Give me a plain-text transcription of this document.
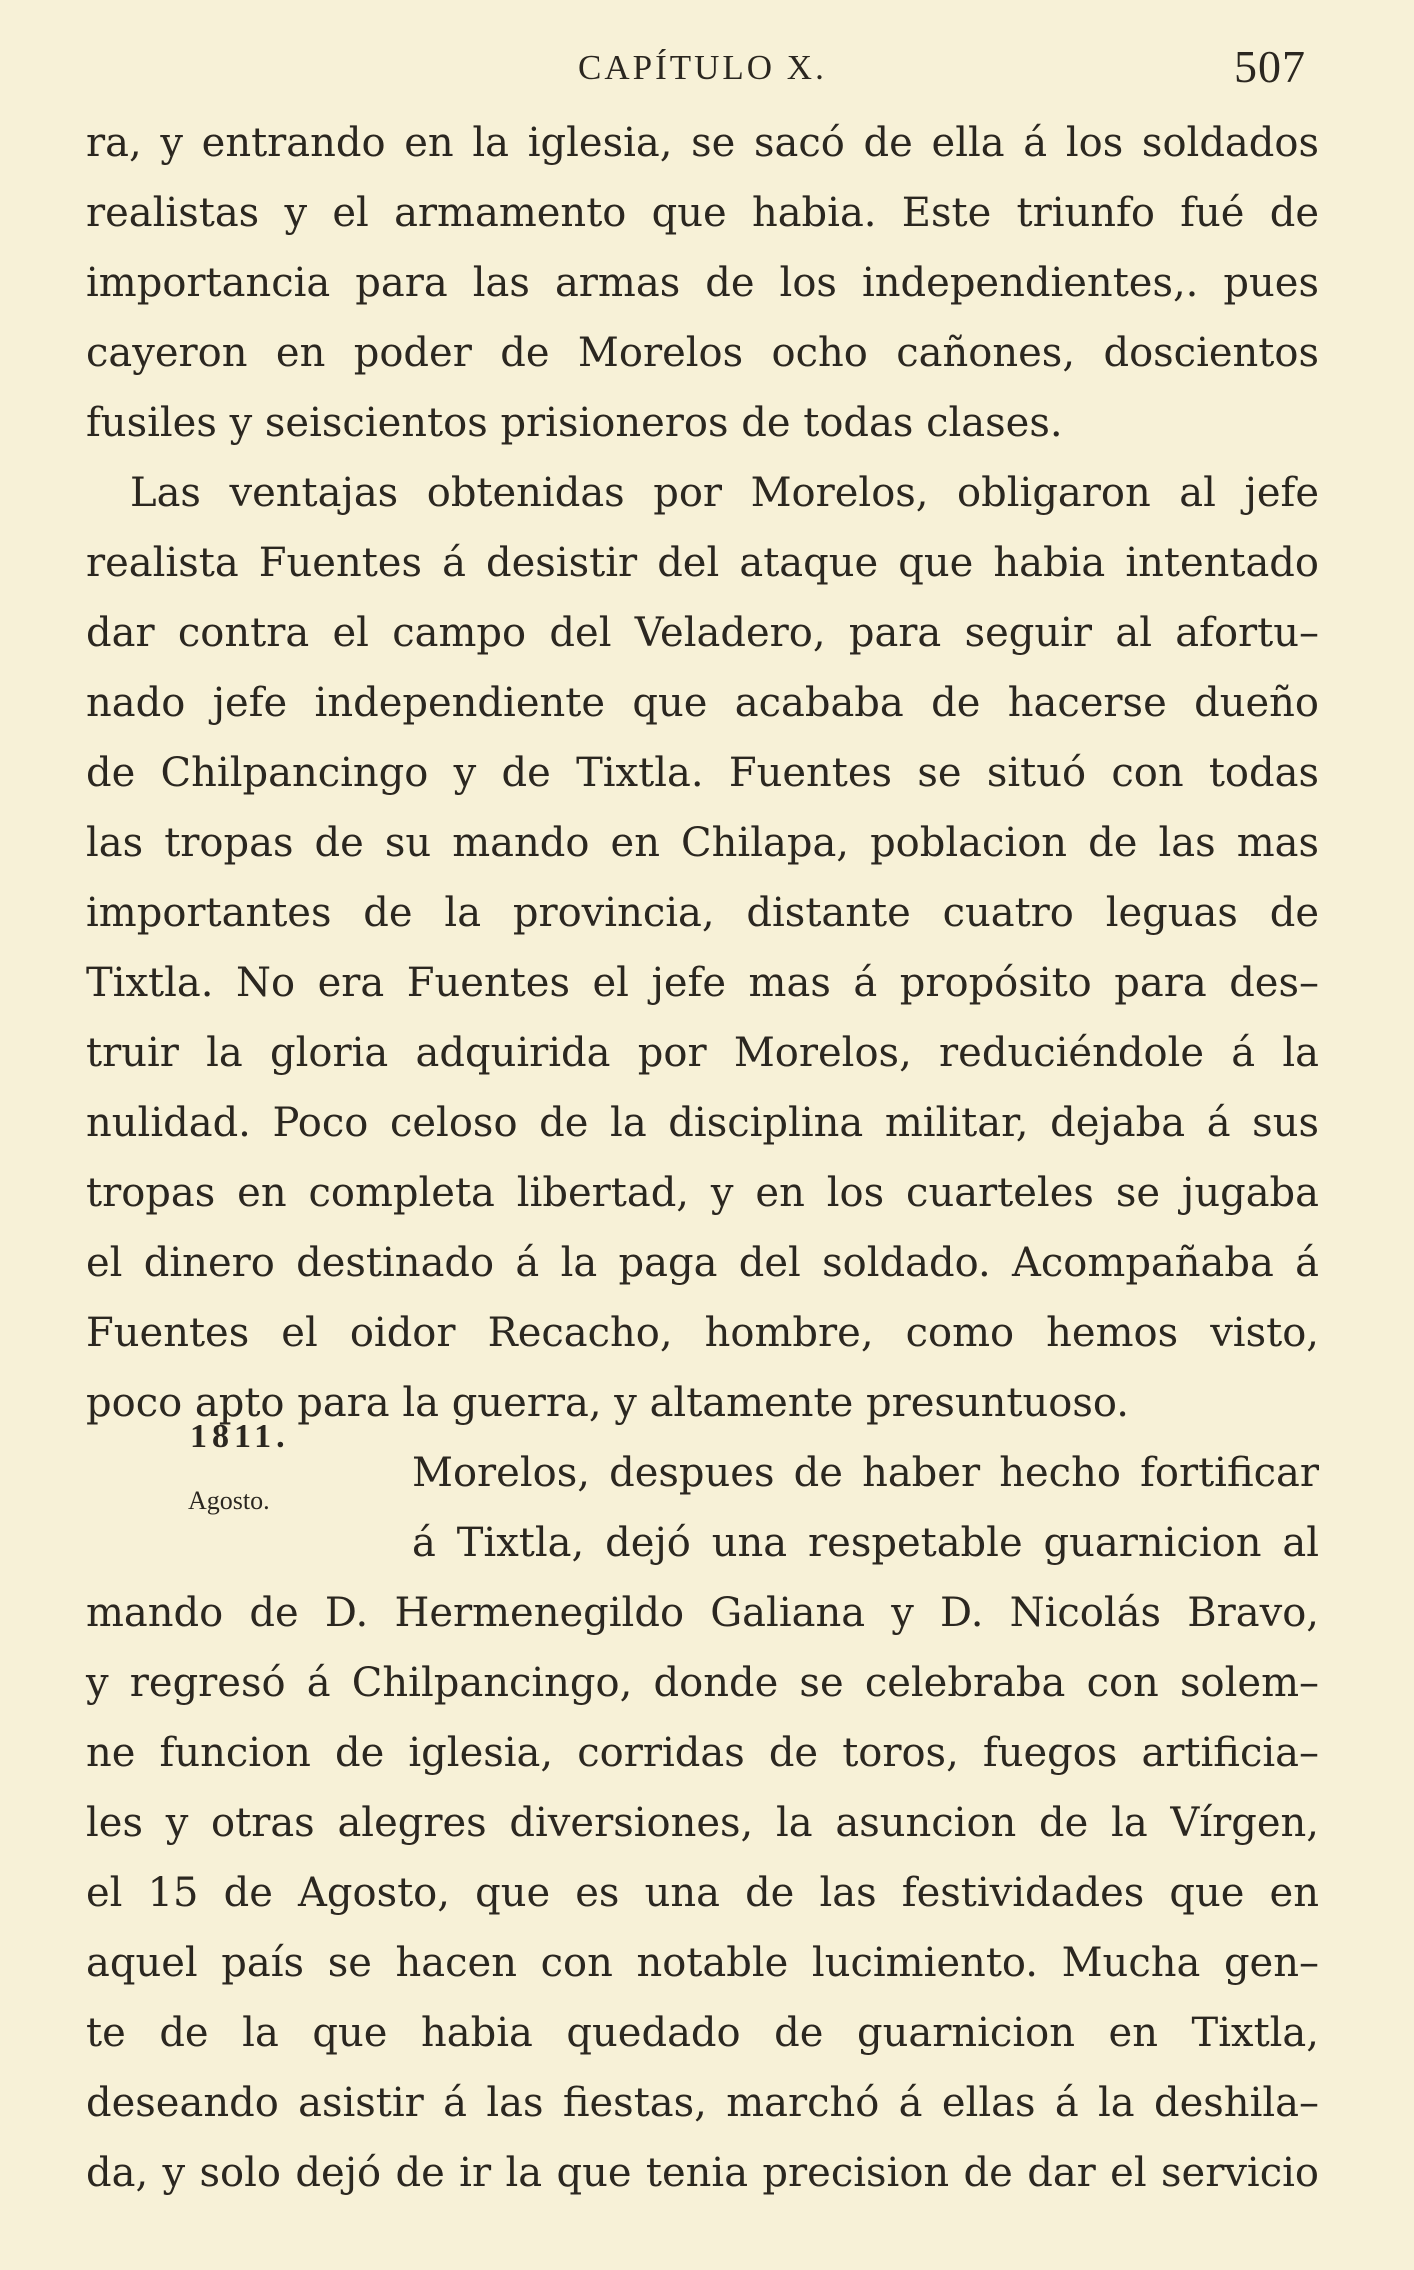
CAPÍTULO X.	507
1811.
Agosto.
ra, y entrando en la iglesia, se sacó de ella á los soldados
realistas y el armamento que habia. Este triunfo fué de
importancia para las armas de los independientes,. pues
cayeron en poder de Morelos ocho cañones, doscientos
fusiles y seiscientos prisioneros de todas clases.
Las ventajas obtenidas por Morelos, obligaron al jefe
realista Fuentes á desistir del ataque que habia intentado
dar contra el campo del Veladero, para seguir al afortu–
nado jefe independiente que acababa de hacerse dueño
de Chilpancingo y de Tixtla. Fuentes se situó con todas
las tropas de su mando en Chilapa, poblacion de las mas
importantes de la provincia, distante cuatro leguas de
Tixtla. No era Fuentes el jefe mas á propósito para des–
truir la gloria adquirida por Morelos, reduciéndole á la
nulidad. Poco celoso de la disciplina militar, dejaba á sus
tropas en completa libertad, y en los cuarteles se jugaba
el dinero destinado á la paga del soldado. Acompañaba á
Fuentes el oidor Recacho, hombre, como hemos visto,
poco apto para la guerra, y altamente presuntuoso.
Morelos, despues de haber hecho fortificar
á Tixtla, dejó una respetable guarnicion al
mando de D. Hermenegildo Galiana y D. Nicolás Bravo,
y regresó á Chilpancingo, donde se celebraba con solem–
ne funcion de iglesia, corridas de toros, fuegos artificia–
les y otras alegres diversiones, la asuncion de la Vírgen,
el 15 de Agosto, que es una de las festividades que en
aquel país se hacen con notable lucimiento. Mucha gen–
te de la que habia quedado de guarnicion en Tixtla,
deseando asistir á las fiestas, marchó á ellas á la deshila–
da, y solo dejó de ir la que tenia precision de dar el servicio
